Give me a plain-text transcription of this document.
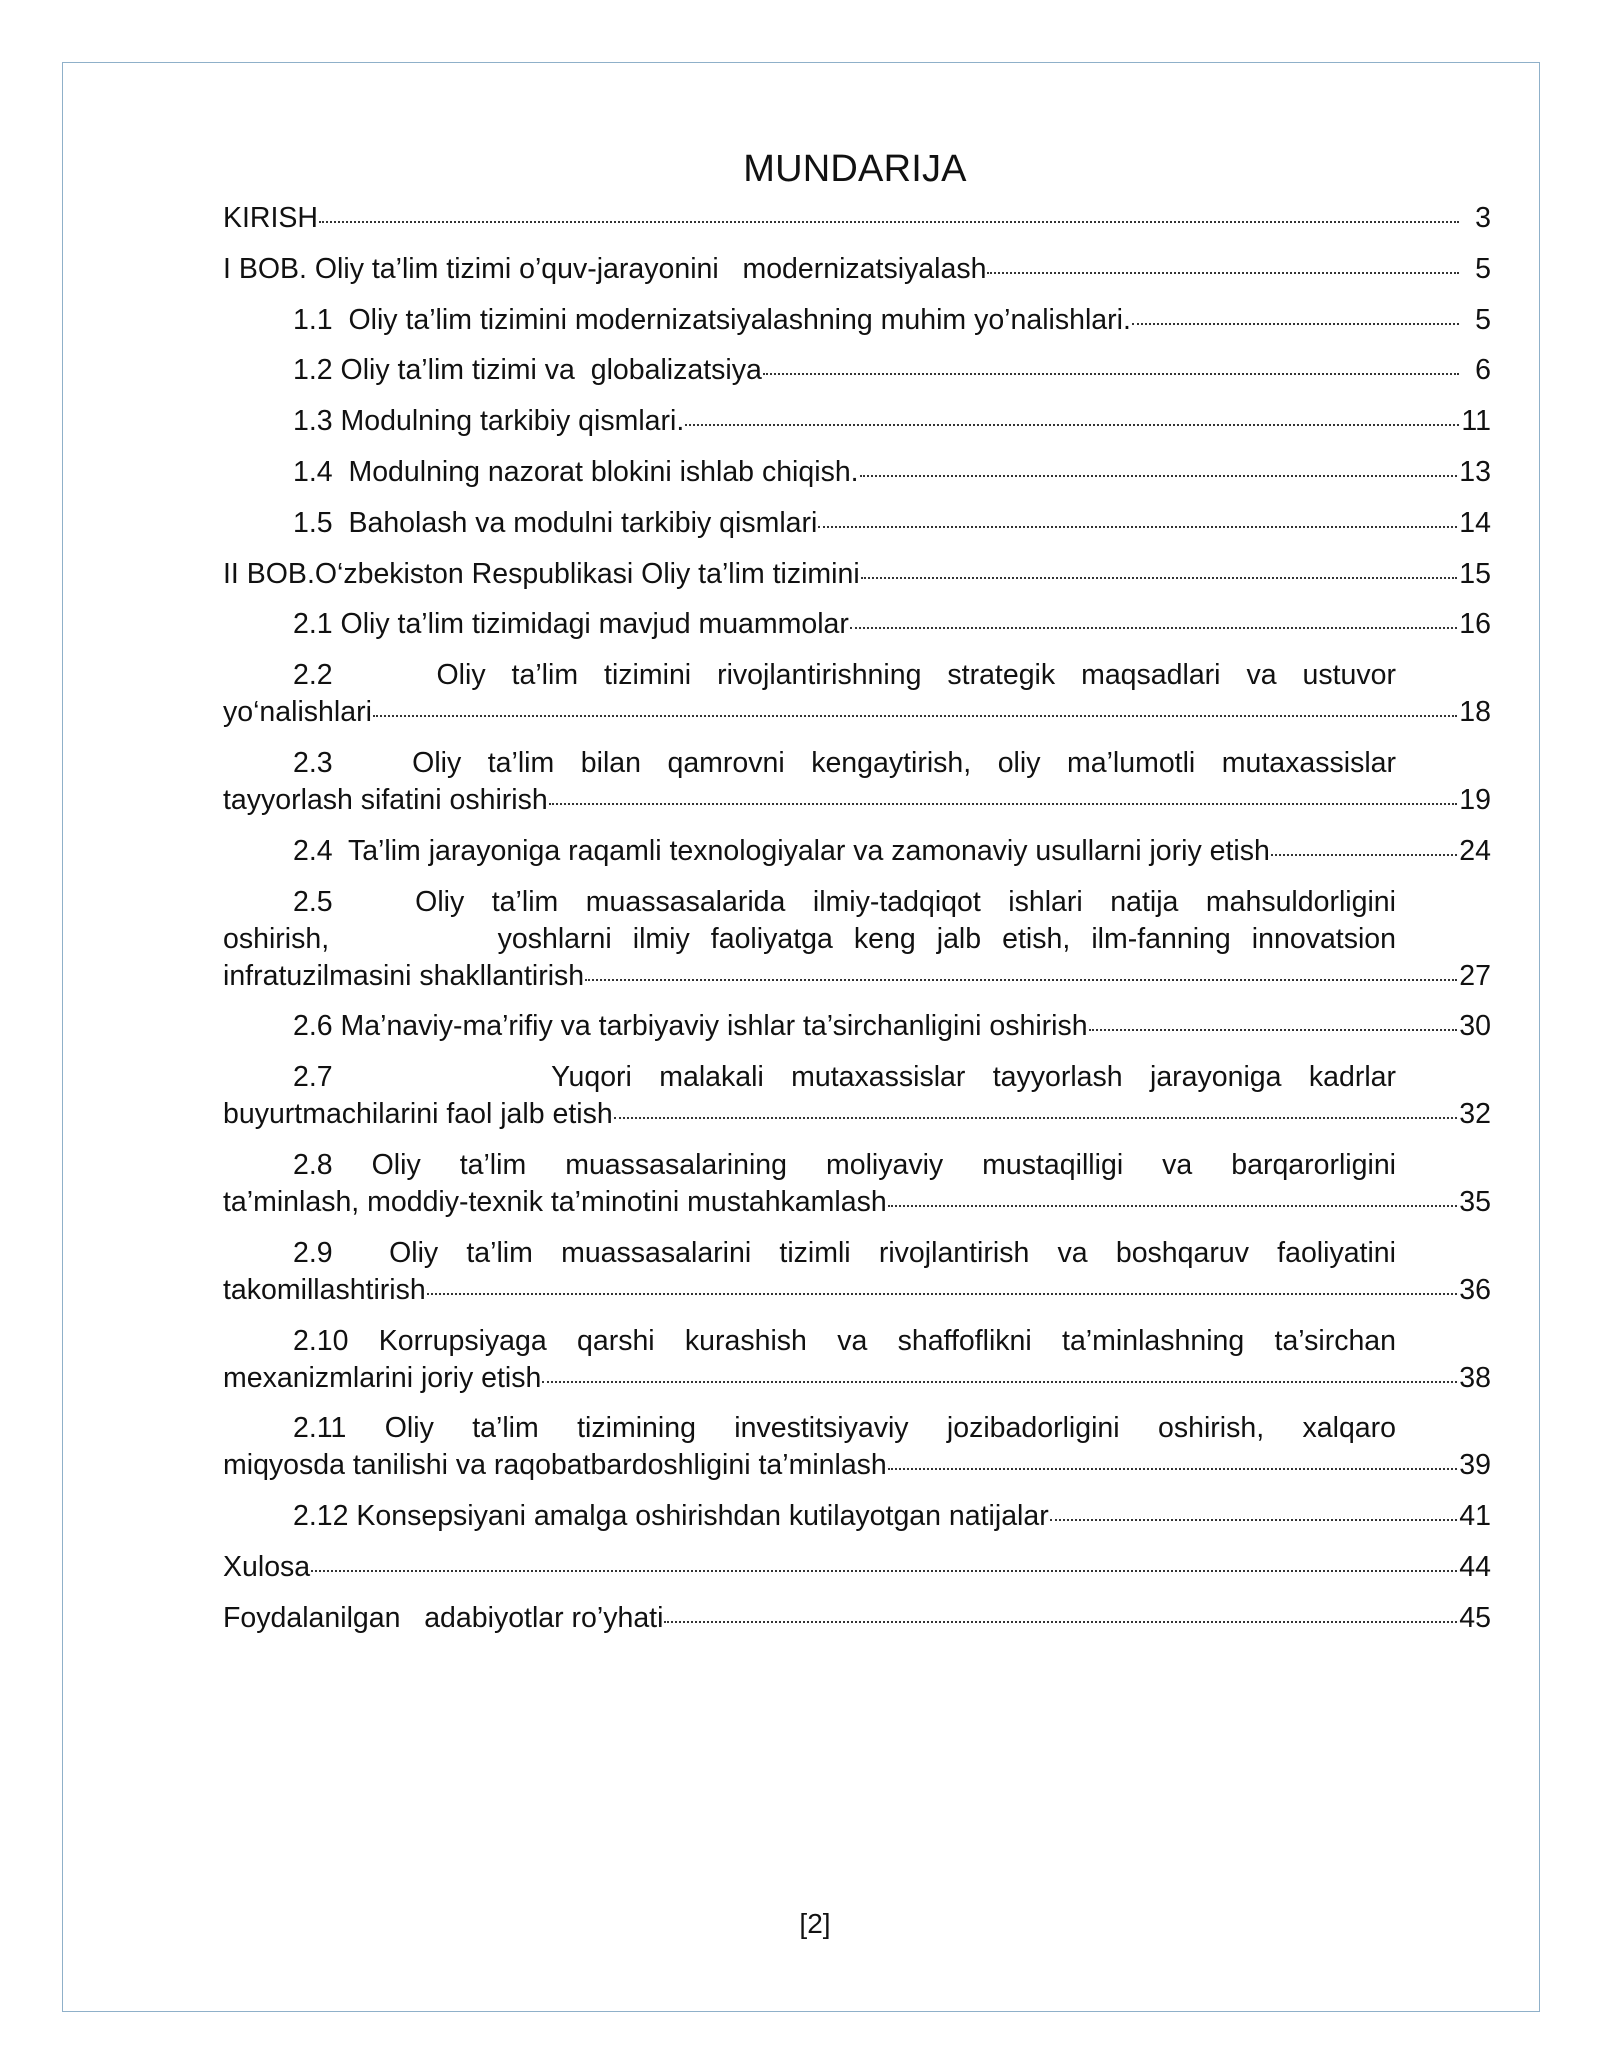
MUNDARIJA
KIRISH	3
I BOB. Oliy ta’lim tizimi o’quv-jarayonini   modernizatsiyalash	5
1.1  Oliy ta’lim tizimini modernizatsiyalashning muhim yo’nalishlari.	5
1.2 Oliy ta’lim tizimi va  globalizatsiya	6
1.3 Modulning tarkibiy qismlari.	11
1.4  Modulning nazorat blokini ishlab chiqish.	13
1.5  Baholash va modulni tarkibiy qismlari	14
II BOB.O‘zbekiston Respublikasi Oliy ta’lim tizimini	15
2.1 Oliy ta’lim tizimidagi mavjud muammolar	16
2.2    Oliy ta’lim tizimini rivojlantirishning strategik maqsadlari va ustuvor
yo‘nalishlari	18
2.3   Oliy ta’lim bilan qamrovni kengaytirish, oliy ma’lumotli mutaxassislar
tayyorlash sifatini oshirish	19
2.4  Ta’lim jarayoniga raqamli texnologiyalar va zamonaviy usullarni joriy etish	24
2.5   Oliy ta’lim muassasalarida ilmiy-tadqiqot ishlari natija mahsuldorligini
oshirish,        yoshlarni ilmiy faoliyatga keng jalb etish, ilm-fanning innovatsion
infratuzilmasini shakllantirish	27
2.6 Ma’naviy-ma’rifiy va tarbiyaviy ishlar ta’sirchanligini oshirish	30
2.7        Yuqori malakali mutaxassislar tayyorlash jarayoniga kadrlar
buyurtmachilarini faol jalb etish	32
2.8 Oliy ta’lim muassasalarining moliyaviy mustaqilligi va barqarorligini
ta’minlash, moddiy-texnik ta’minotini mustahkamlash	35
2.9  Oliy ta’lim muassasalarini tizimli rivojlantirish va boshqaruv faoliyatini
takomillashtirish	36
2.10 Korrupsiyaga qarshi kurashish va shaffoflikni ta’minlashning ta’sirchan
mexanizmlarini joriy etish	38
2.11 Oliy ta’lim tizimining investitsiyaviy jozibadorligini oshirish, xalqaro
miqyosda tanilishi va raqobatbardoshligini ta’minlash	39
2.12 Konsepsiyani amalga oshirishdan kutilayotgan natijalar	41
Xulosa	44
Foydalanilgan   adabiyotlar ro’yhati	45
[2]
